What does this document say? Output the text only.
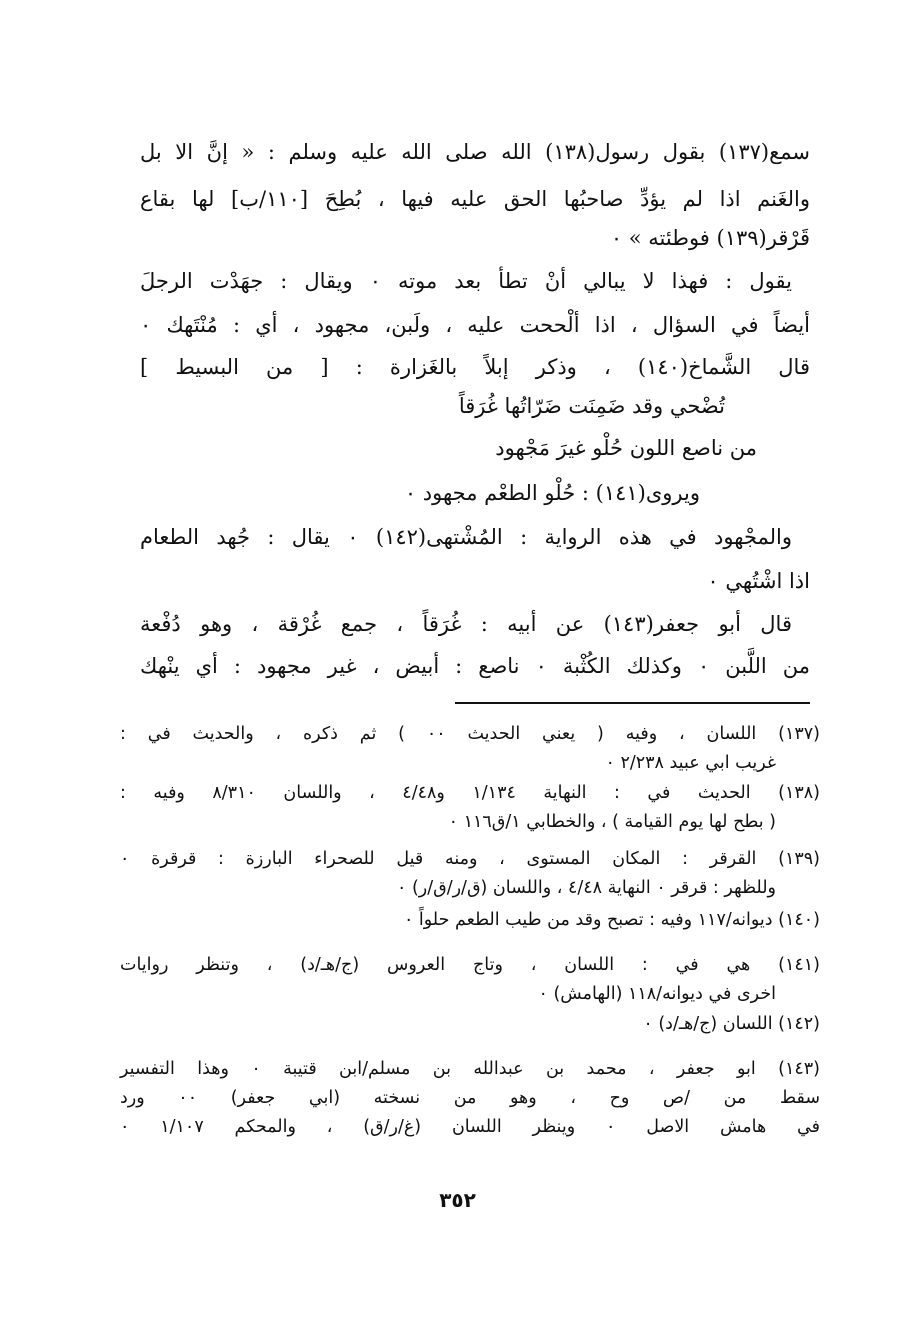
سمع‏(١٣٧)‏ بقول رسول‏(١٣٨)‏ الله صلى الله عليه وسلم : « إنَّ الا بل
والغَنم اذا لم يؤدِّ صاحبُها الحق عليه فيها ، بُطِحَ [١١٠/ب] لها بقاع
قَرْقر‏(١٣٩)‏ فوطئته » ٠
يقول : فهذا لا يبالي أنْ تطأ بعد موته ٠ ويقال : جهَدْت الرجلَ
أيضاً في السؤال ، اذا ألْححت عليه ، ولَبن، مجهود ، أي : مُنْتَهك ٠
قال الشَّماخ‏(١٤٠)‏ ، وذكر إبلاً بالغَزارة : [ من البسيط ]
تُضْحي وقد ضَمِنَت ضَرّاتُها غُرَقاً
من ناصع اللون حُلْو غيرَ مَجْهود
ويروى‏(١٤١)‏ : حُلْو الطعْم مجهود ٠
والمجْهود في هذه الرواية : المُشْتهى‏(١٤٢)‏ ٠ يقال : جُهد الطعام
اذا اشْتُهي ٠
قال أبو جعفر‏(١٤٣)‏ عن أبيه : غُرَقاً ، جمع غُرْقة ، وهو دُفْعة
من اللَّبن ٠ وكذلك الكُثْبة ٠ ناصع : أبيض ، غير مجهود : أي ينْهك
(١٣٧) اللسان ، وفيه ( يعني الحديث ٠٠ ) ثم ذكره ، والحديث في :
غريب ابي عبيد ٢/٢٣٨ ٠
(١٣٨) الحديث في : النهاية ١/١٣٤ و٤/٤٨ ، واللسان ٨/٣١٠ وفيه :
( بطح لها يوم القيامة ) ، والخطابي ١/ق١١٦ ٠
(١٣٩) القرقر : المكان المستوى ، ومنه قيل للصحراء البارزة : قرقرة ٠
وللظهر : قرقر ٠ النهاية ٤/٤٨ ، واللسان (ق/ر/ق/ر) ٠
(١٤٠) ديوانه/١١٧ وفيه : تصبح وقد من طيب الطعم حلواً ٠
(١٤١) هي في : اللسان ، وتاج العروس (ج/هـ/د) ، وتنظر روايات
اخرى في ديوانه/١١٨ (الهامش) ٠
(١٤٢) اللسان (ج/هـ/د) ٠
(١٤٣) ابو جعفر ، محمد بن عبدالله بن مسلم/ابن قتيبة ٠ وهذا التفسير
سقط من /ص وح ، وهو من نسخته (ابي جعفر) ٠٠ ورد
في هامش الاصل ٠ وينظر اللسان (غ/ر/ق) ، والمحكم ١/١٠٧ ٠
٣٥٢
